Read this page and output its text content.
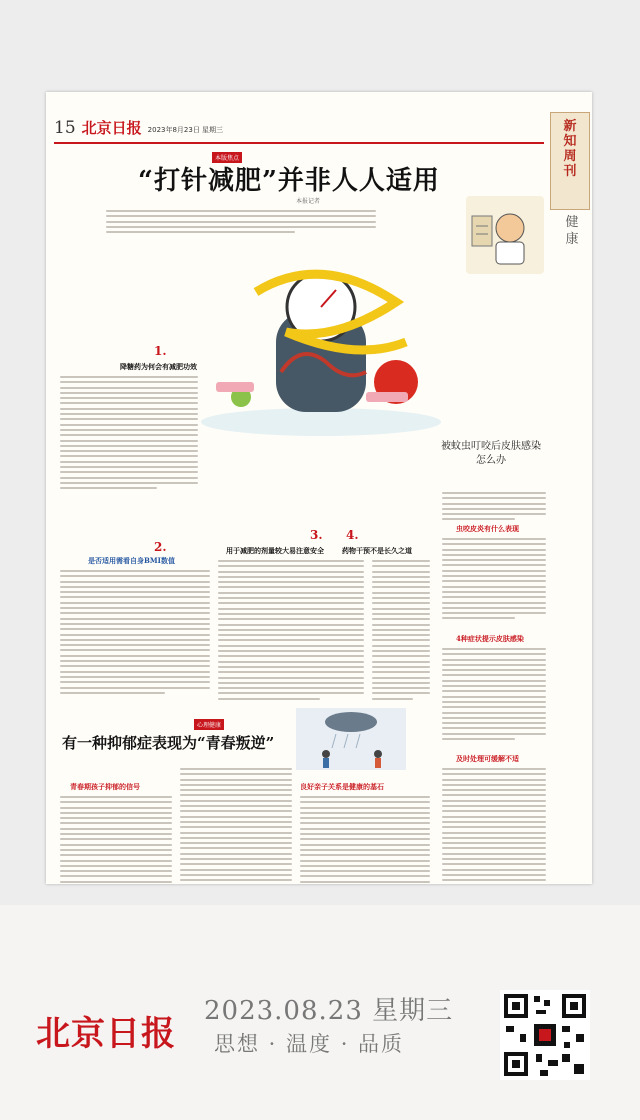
15 北京日报 2023年8月23日 星期三	新知周刊
健康
本版焦点
“打针减肥”并非人人适用
本报记者
1.
降糖药为何会有减肥功效
2.
是否适用需看自身BMI数值
3.
用于减肥的剂量较大易注意安全
4.
药物干预不是长久之道
被蚊虫叮咬后皮肤感染怎么办
虫咬皮炎有什么表现
4种症状提示皮肤感染
及时处理可缓解不适
心理健康
有一种抑郁症表现为“青春叛逆”
青春期孩子抑郁的信号	良好亲子关系是健康的基石
北京日报
2023.08.23 星期三
思想 · 温度 · 品质
